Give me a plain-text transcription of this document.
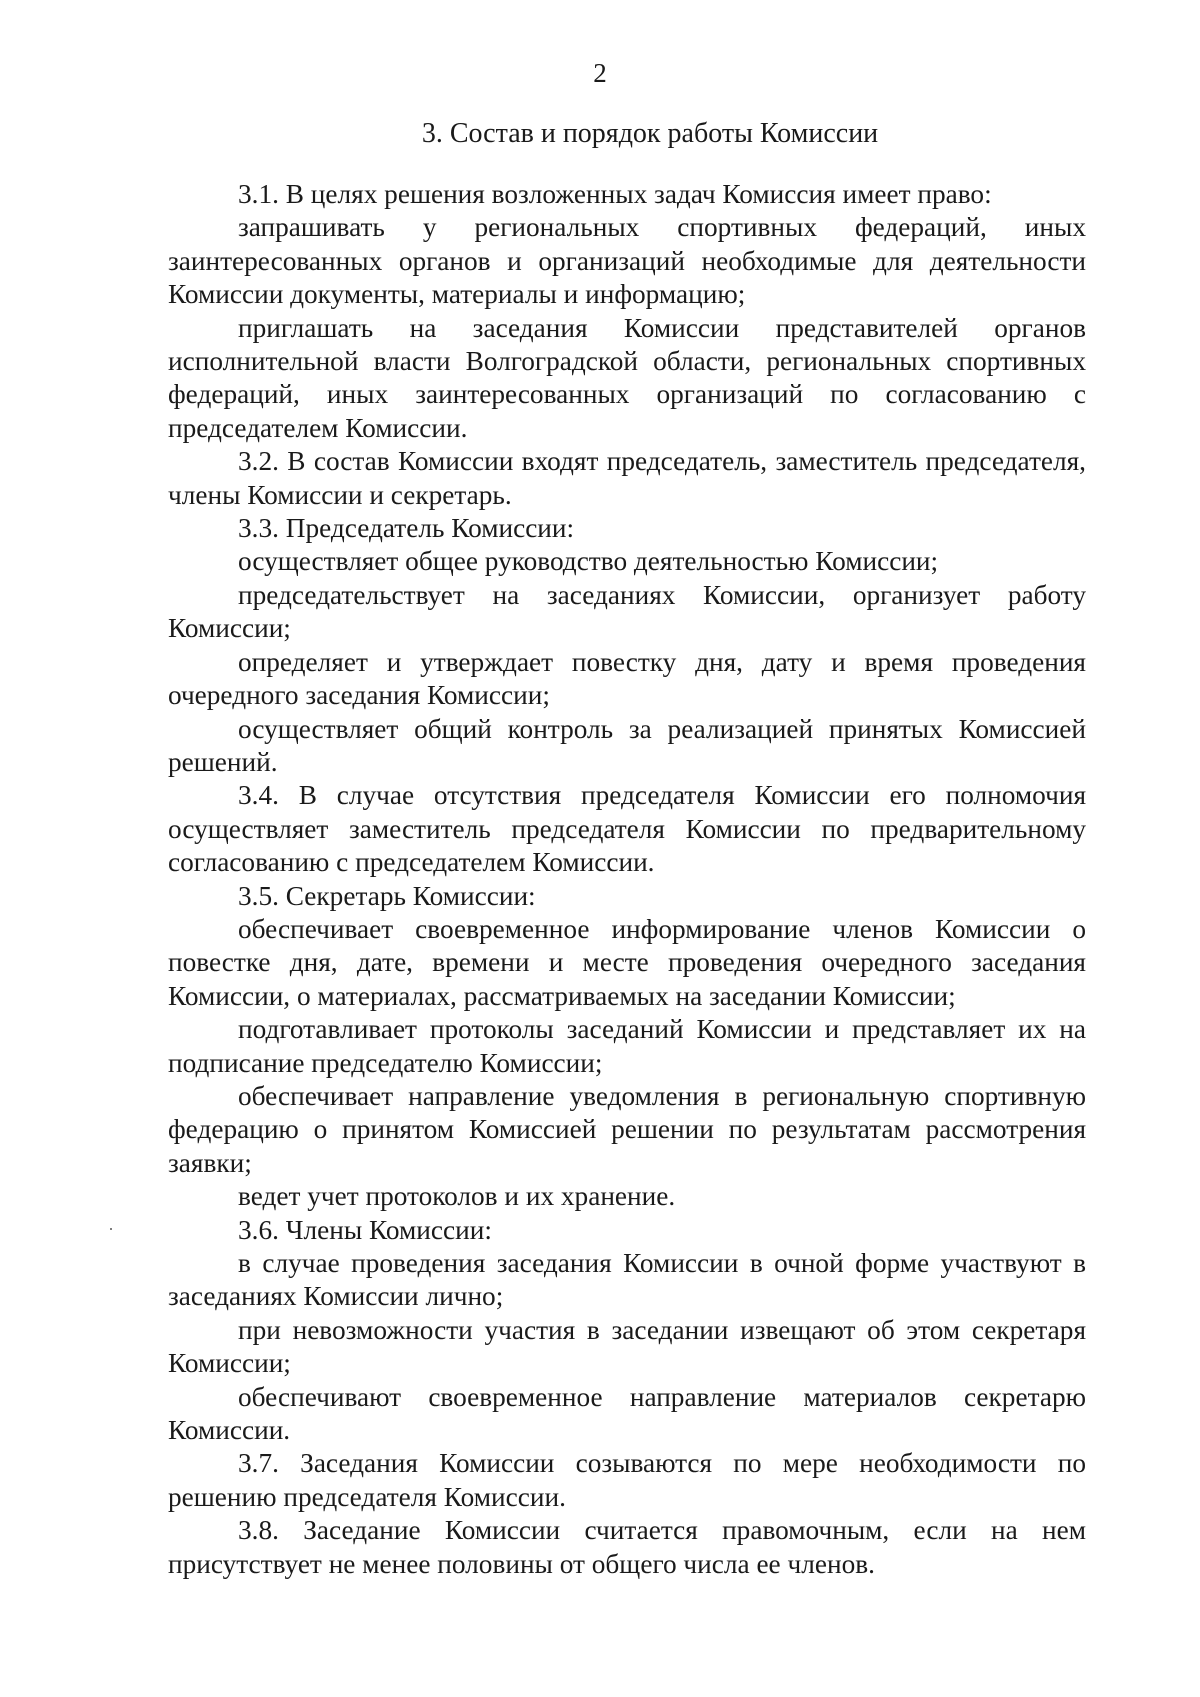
2
3. Состав и порядок работы Комиссии

3.1. В целях решения возложенных задач Комиссия имеет право:

запрашивать у региональных спортивных федераций, иных заинтересованных органов и организаций необходимые для деятельности Комиссии документы, материалы и информацию;

приглашать на заседания Комиссии представителей органов исполнительной власти Волгоградской области, региональных спортивных федераций, иных заинтересованных организаций по согласованию с председателем Комиссии.

3.2. В состав Комиссии входят председатель, заместитель председателя, члены Комиссии и секретарь.

3.3. Председатель Комиссии:

осуществляет общее руководство деятельностью Комиссии;

председательствует на заседаниях Комиссии, организует работу Комиссии;

определяет и утверждает повестку дня, дату и время проведения очередного заседания Комиссии;

осуществляет общий контроль за реализацией принятых Комиссией решений.

3.4. В случае отсутствия председателя Комиссии его полномочия осуществляет заместитель председателя Комиссии по предварительному согласованию с председателем Комиссии.

3.5. Секретарь Комиссии:

обеспечивает своевременное информирование членов Комиссии о повестке дня, дате, времени и месте проведения очередного заседания Комиссии, о материалах, рассматриваемых на заседании Комиссии;

подготавливает протоколы заседаний Комиссии и представляет их на подписание председателю Комиссии;

обеспечивает направление уведомления в региональную спортивную федерацию о принятом Комиссией решении по результатам рассмотрения заявки;

ведет учет протоколов и их хранение.

3.6. Члены Комиссии:

в случае проведения заседания Комиссии в очной форме участвуют в заседаниях Комиссии лично;

при невозможности участия в заседании извещают об этом секретаря Комиссии;

обеспечивают своевременное направление материалов секретарю Комиссии.

3.7. Заседания Комиссии созываются по мере необходимости по решению председателя Комиссии.

3.8. Заседание Комиссии считается правомочным, если на нем присутствует не менее половины от общего числа ее членов.
